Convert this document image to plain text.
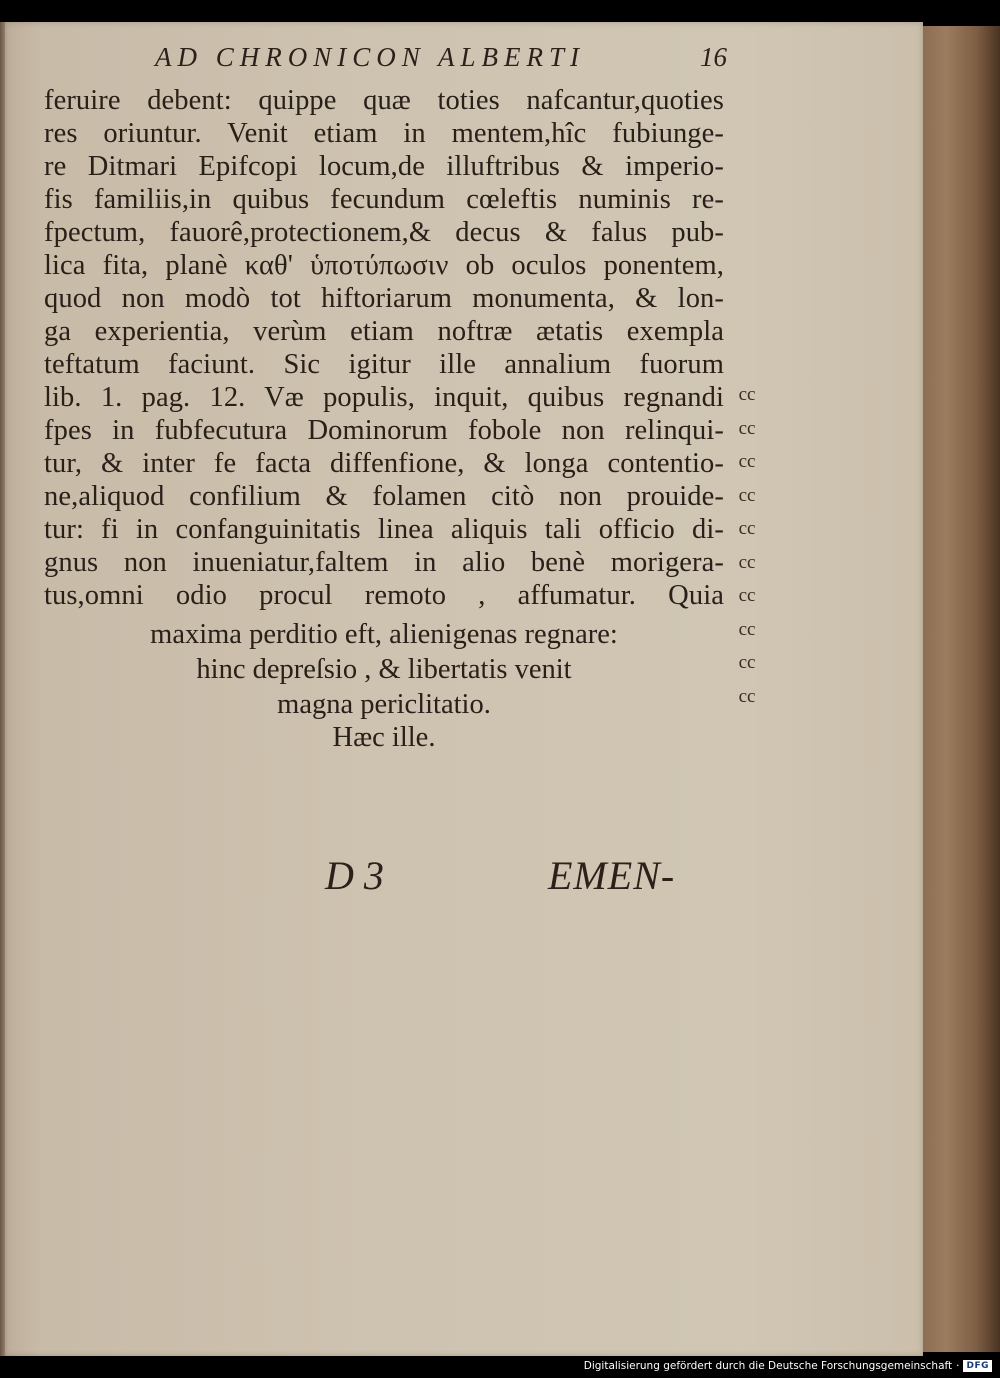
AD CHRONICON ALBERTI	16
feruire debent: quippe quæ toties nafcantur,quoties
res oriuntur. Venit etiam in mentem,hîc fubiunge-
re Ditmari Epifcopi locum,de illuftribus & imperio-
fis familiis,in quibus fecundum cœleftis numinis re-
fpectum, fauorê,protectionem,& decus & falus pub-
lica fita, planè καθ' ὑποτύπωσιν ob oculos ponentem,
quod non modò tot hiftoriarum monumenta, & lon-
ga experientia, verùm etiam noftræ ætatis exempla
teftatum faciunt. Sic igitur ille annalium fuorum
lib. 1. pag. 12. Væ populis, inquit, quibus regnandi
fpes in fubfecutura Dominorum fobole non relinqui-
tur, & inter fe facta diffenfione, & longa contentio-
ne,aliquod confilium & folamen citò non prouide-
tur: fi in confanguinitatis linea aliquis tali officio di-
gnus non inueniatur,faltem in alio benè morigera-
tus,omni odio procul remoto , affumatur. Quia
maxima perditio eft, alienigenas regnare:
hinc depreſsio , & libertatis venit
magna periclitatio.
Hæc ille.
cc
cc
cc
cc
cc
cc
cc
cc
cc
cc
D 3	EMEN-
Digitalisierung gefördert durch die Deutsche Forschungsgemeinschaft · DFG
